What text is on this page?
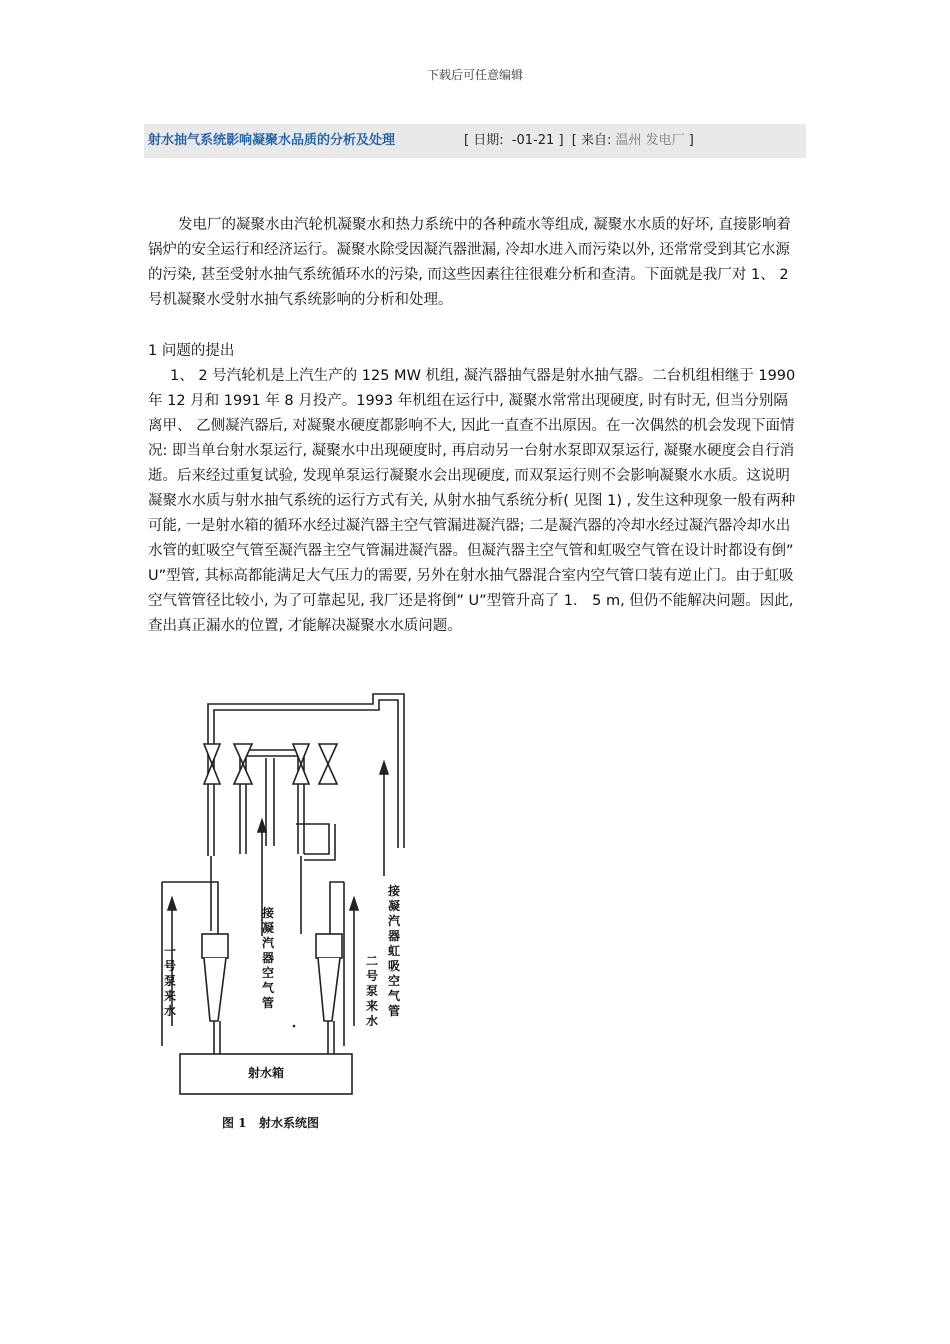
下载后可任意编辑
射水抽气系统影响凝聚水品质的分析及处理	[ 日期:  -01-21 ]  [ 来自: 温州 发电厂 ]
发电厂的凝聚水由汽轮机凝聚水和热力系统中的各种疏水等组成, 凝聚水水质的好坏, 直接影响着锅炉的安全运行和经济运行。凝聚水除受因凝汽器泄漏, 冷却水进入而污染以外, 还常常受到其它水源的污染, 甚至受射水抽气系统循环水的污染, 而这些因素往往很难分析和查清。下面就是我厂对 1、 2 号机凝聚水受射水抽气系统影响的分析和处理。
1 问题的提出
1、 2 号汽轮机是上汽生产的 125 MW 机组, 凝汽器抽气器是射水抽气器。二台机组相继于 1990 年 12 月和 1991 年 8 月投产。1993 年机组在运行中, 凝聚水常常出现硬度, 时有时无, 但当分别隔离甲、 乙侧凝汽器后, 对凝聚水硬度都影响不大, 因此一直查不出原因。在一次偶然的机会发现下面情况: 即当单台射水泵运行, 凝聚水中出现硬度时, 再启动另一台射水泵即双泵运行, 凝聚水硬度会自行消逝。后来经过重复试验, 发现单泵运行凝聚水会出现硬度, 而双泵运行则不会影响凝聚水水质。这说明凝聚水水质与射水抽气系统的运行方式有关, 从射水抽气系统分析( 见图 1) , 发生这种现象一般有两种可能, 一是射水箱的循环水经过凝汽器主空气管漏进凝汽器; 二是凝汽器的冷却水经过凝汽器冷却水出水管的虹吸空气管至凝汽器主空气管漏进凝汽器。但凝汽器主空气管和虹吸空气管在设计时都设有倒” U”型管, 其标高都能满足大气压力的需要, 另外在射水抽气器混合室内空气管口装有逆止门。由于虹吸空气管管径比较小, 为了可靠起见, 我厂还是将倒” U”型管升高了 1． 5 m, 但仍不能解决问题。因此, 查出真正漏水的位置, 才能解决凝聚水水质问题。
一号泵来水
接凝汽器空气管
二号泵来水
接凝汽器虹吸空气管
射水箱
图 1   射水系统图
